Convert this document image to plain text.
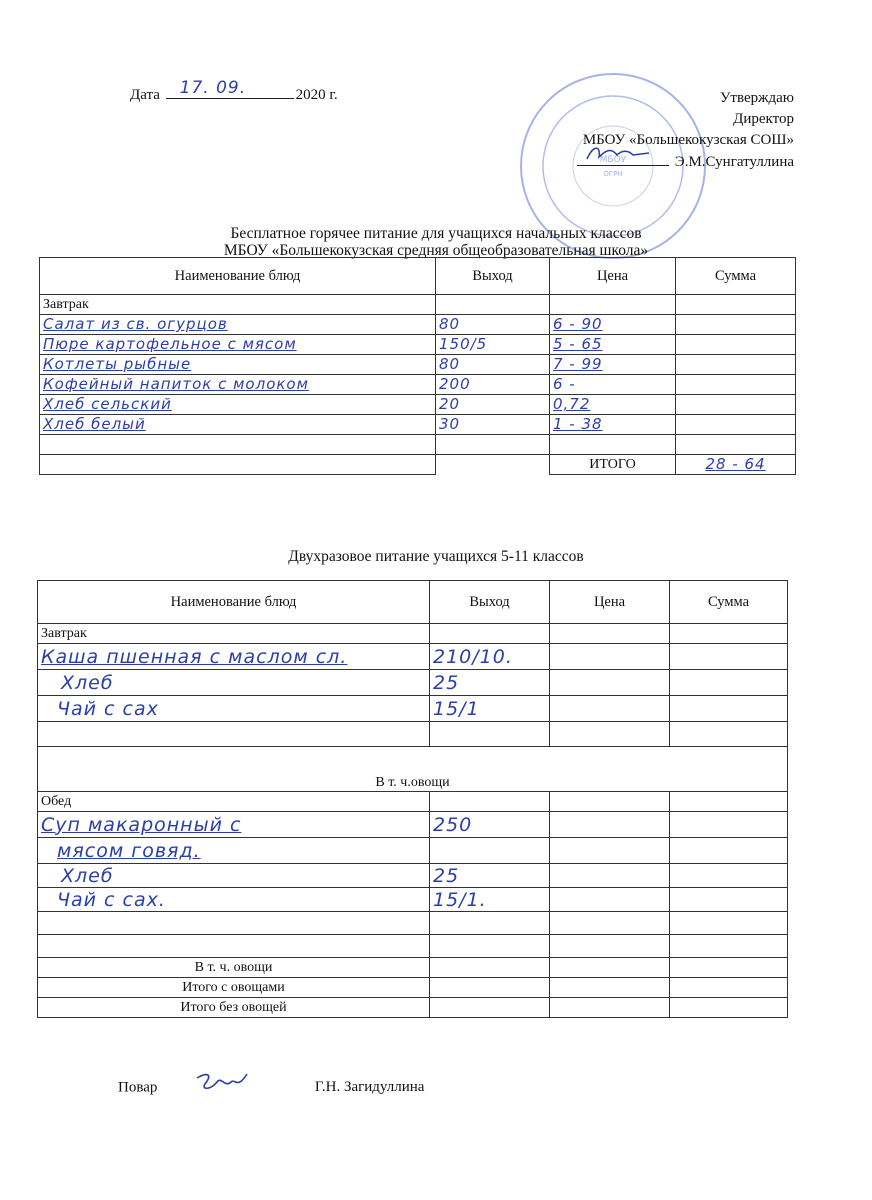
Дата 17. 09.	2020 г.
МБОУ
ОГРН
Утверждаю
Директор
МБОУ «Большекокузская СОШ»
Э.М.Сунгатуллина
Бесплатное горячее питание для учащихся начальных классов
МБОУ «Большекокузская средняя общеобразовательная школа»
Наименование блюд	Выход	Цена	Сумма
Завтрак			
Салат из св. огурцов	80	6 - 90	
Пюре картофельное с мясом	150/5	5 - 65	
Котлеты рыбные	80	7 - 99	
Кофейный напиток с молоком	200	6 -	
Хлеб сельский	20	0,72	
Хлеб белый	30	1 - 38	

		ИТОГО	28 - 64
Двухразовое питание учащихся 5-11 классов
Наименование блюд	Выход	Цена	Сумма
Завтрак			
Каша пшенная с маслом сл.	210/10.		
Хлеб	25		
Чай с сах	15/1		

В т. ч.овощи			
Обед			
Суп макаронный с	250		
мясом говяд.			
Хлеб	25		
Чай с сах.	15/1.		

В т. ч. овощи			
Итого с овощами			
Итого без овощей			
Повар	Г.Н. Загидуллина
